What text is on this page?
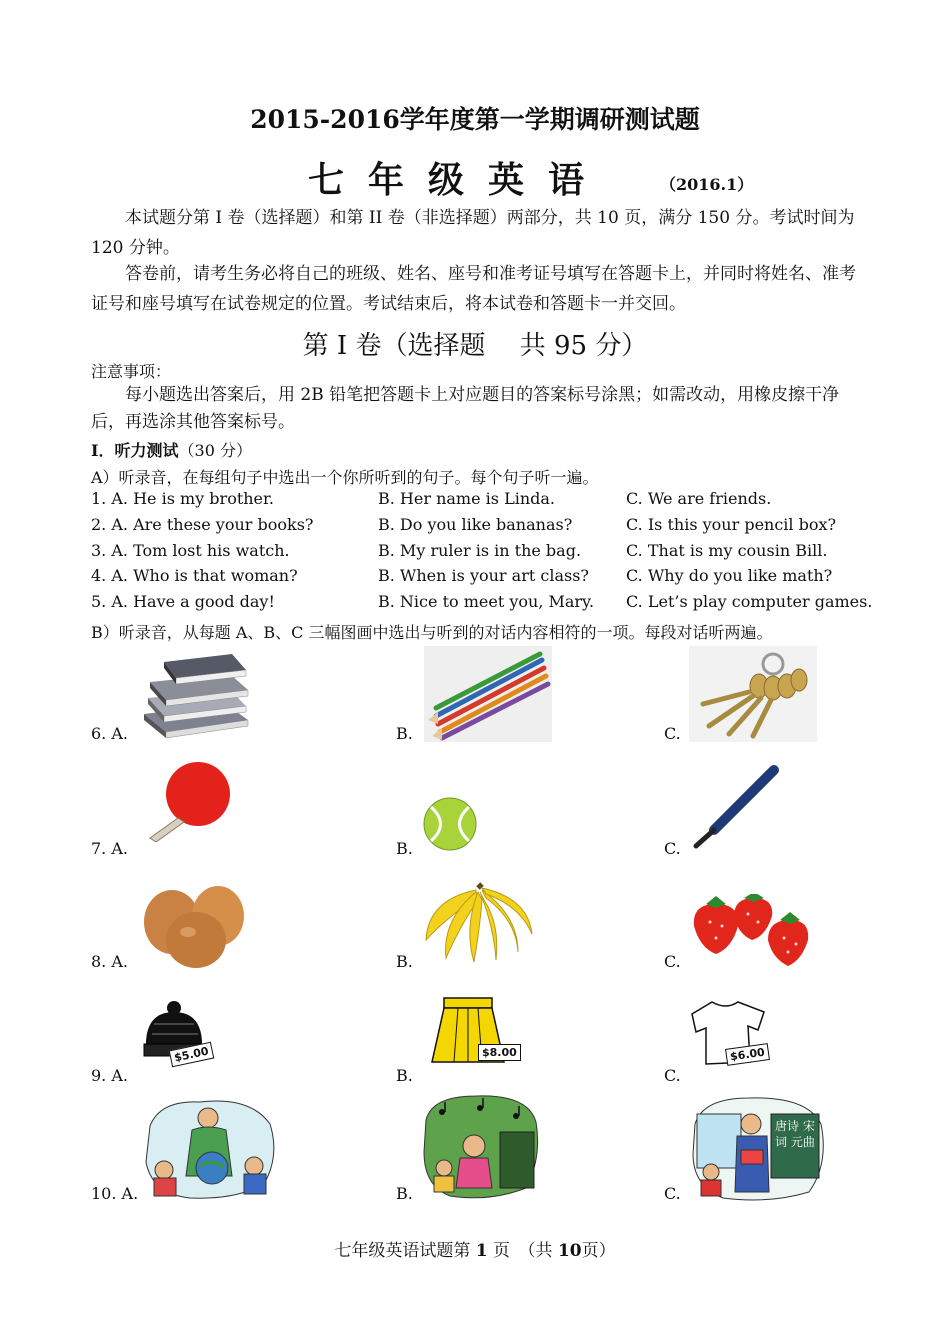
2015-2016学年度第一学期调研测试题
七年级英语	（2016.1）
本试题分第 I 卷（选择题）和第 II 卷（非选择题）两部分，共 10 页，满分 150 分。考试时间为 120 分钟。
答卷前，请考生务必将自己的班级、姓名、座号和准考证号填写在答题卡上，并同时将姓名、准考证号和座号填写在试卷规定的位置。考试结束后，将本试卷和答题卡一并交回。
第 I 卷（选择题　 共 95 分）
注意事项：
每小题选出答案后，用 2B 铅笔把答题卡上对应题目的答案标号涂黑；如需改动，用橡皮擦干净后，再选涂其他答案标号。
I．听力测试（30 分）
A）听录音，在每组句子中选出一个你所听到的句子。每个句子听一遍。
1. A. He is my brother.	B. Her name is Linda.	C. We are friends.
2. A. Are these your books?	B. Do you like bananas?	C. Is this your pencil box?
3. A. Tom lost his watch.	B. My ruler is in the bag.	C. That is my cousin Bill.
4. A. Who is that woman?	B. When is your art class? C. Why do you like math?
5. A. Have a good day!	B. Nice to meet you, Mary. C. Let’s play computer games.
B）听录音，从每题 A、B、C 三幅图画中选出与听到的对话内容相符的一项。每段对话听两遍。
6. A.	B.	C.
7. A.	B.	C.
8. A.	B.	C.
9. A.	B.	C.
10. A.	B.	C.
$5.00	$8.00	$6.00
唐诗 宋词 元曲
七年级英语试题第 1 页　（共 10页）
